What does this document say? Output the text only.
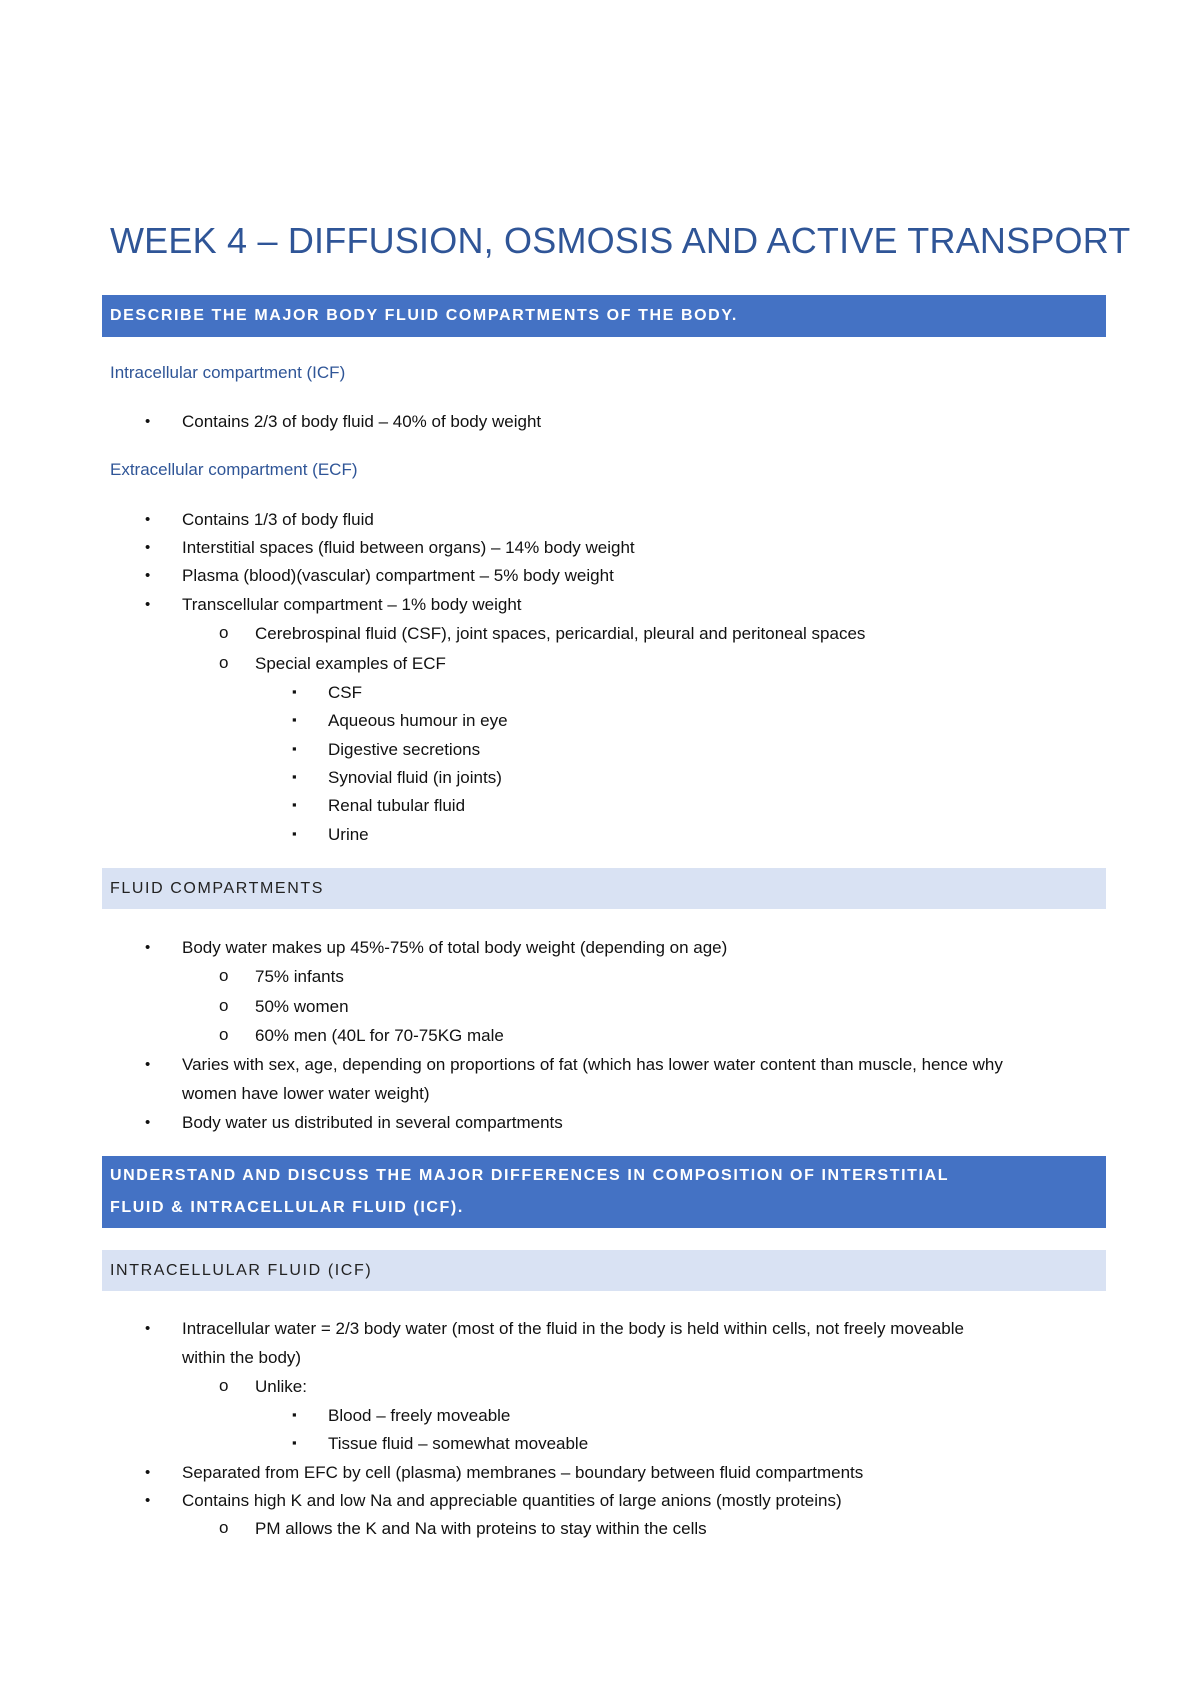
WEEK 4 – DIFFUSION, OSMOSIS AND ACTIVE TRANSPORT
DESCRIBE THE MAJOR BODY FLUID COMPARTMENTS OF THE BODY.
Intracellular compartment (ICF)
• Contains 2/3 of body fluid – 40% of body weight
Extracellular compartment (ECF)
• Contains 1/3 of body fluid
• Interstitial spaces (fluid between organs) – 14% body weight
• Plasma (blood)(vascular) compartment – 5% body weight
• Transcellular compartment – 1% body weight
o Cerebrospinal fluid (CSF), joint spaces, pericardial, pleural and peritoneal spaces
o Special examples of ECF
▪ CSF
▪ Aqueous humour in eye
▪ Digestive secretions
▪ Synovial fluid (in joints)
▪ Renal tubular fluid
▪ Urine
FLUID COMPARTMENTS
• Body water makes up 45%-75% of total body weight (depending on age)
o 75% infants
o 50% women
o 60% men (40L for 70-75KG male
• Varies with sex, age, depending on proportions of fat (which has lower water content than muscle, hence why
women have lower water weight)
• Body water us distributed in several compartments
UNDERSTAND AND DISCUSS THE MAJOR DIFFERENCES IN COMPOSITION OF INTERSTITIAL
FLUID & INTRACELLULAR FLUID (ICF).
INTRACELLULAR FLUID (ICF)
• Intracellular water = 2/3 body water (most of the fluid in the body is held within cells, not freely moveable
within the body)
o Unlike:
▪ Blood – freely moveable
▪ Tissue fluid – somewhat moveable
• Separated from EFC by cell (plasma) membranes – boundary between fluid compartments
• Contains high K and low Na and appreciable quantities of large anions (mostly proteins)
o PM allows the K and Na with proteins to stay within the cells
